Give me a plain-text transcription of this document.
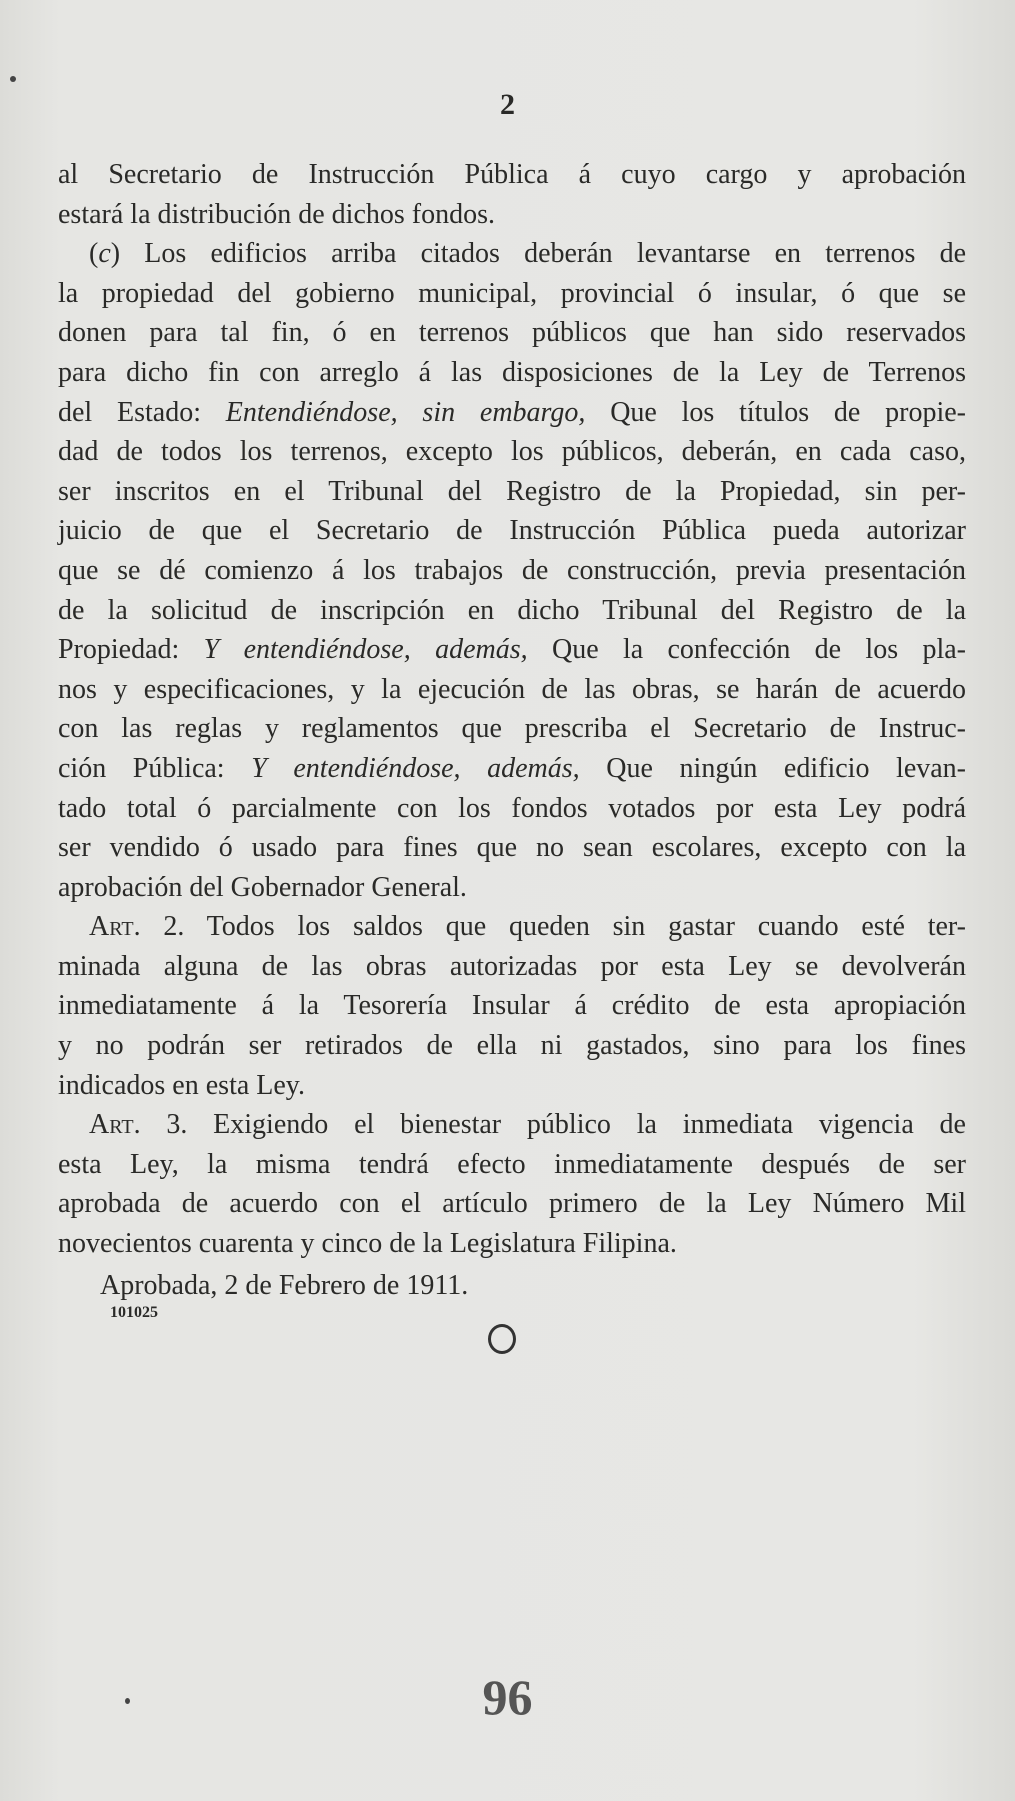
2
al Secretario de Instrucción Pública á cuyo cargo y aprobación
estará la distribución de dichos fondos.
(c) Los edificios arriba citados deberán levantarse en terrenos de
la propiedad del gobierno municipal, provincial ó insular, ó que se
donen para tal fin, ó en terrenos públicos que han sido reservados
para dicho fin con arreglo á las disposiciones de la Ley de Terrenos
del Estado: Entendiéndose, sin embargo, Que los títulos de propie-
dad de todos los terrenos, excepto los públicos, deberán, en cada caso,
ser inscritos en el Tribunal del Registro de la Propiedad, sin per-
juicio de que el Secretario de Instrucción Pública pueda autorizar
que se dé comienzo á los trabajos de construcción, previa presentación
de la solicitud de inscripción en dicho Tribunal del Registro de la
Propiedad: Y entendiéndose, además, Que la confección de los pla-
nos y especificaciones, y la ejecución de las obras, se harán de acuerdo
con las reglas y reglamentos que prescriba el Secretario de Instruc-
ción Pública: Y entendiéndose, además, Que ningún edificio levan-
tado total ó parcialmente con los fondos votados por esta Ley podrá
ser vendido ó usado para fines que no sean escolares, excepto con la
aprobación del Gobernador General.
Art. 2. Todos los saldos que queden sin gastar cuando esté ter-
minada alguna de las obras autorizadas por esta Ley se devolverán
inmediatamente á la Tesorería Insular á crédito de esta apropiación
y no podrán ser retirados de ella ni gastados, sino para los fines
indicados en esta Ley.
Art. 3. Exigiendo el bienestar público la inmediata vigencia de
esta Ley, la misma tendrá efecto inmediatamente después de ser
aprobada de acuerdo con el artículo primero de la Ley Número Mil
novecientos cuarenta y cinco de la Legislatura Filipina.
Aprobada, 2 de Febrero de 1911.
101025
96
